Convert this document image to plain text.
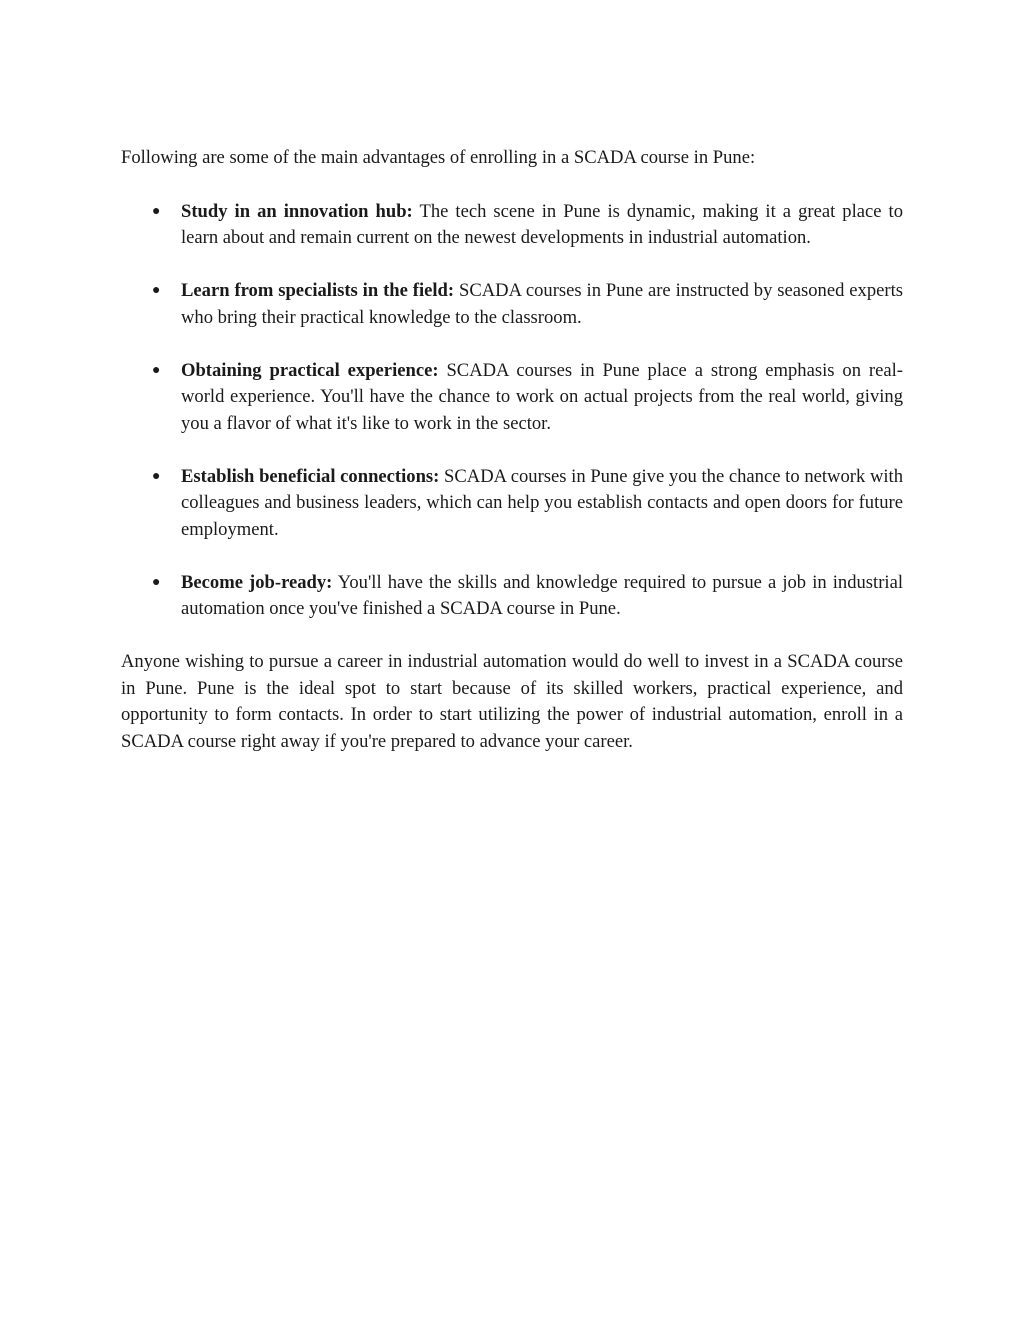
Following are some of the main advantages of enrolling in a SCADA course in Pune:

● Study in an innovation hub: The tech scene in Pune is dynamic, making it a great place to learn about and remain current on the newest developments in industrial automation.
● Learn from specialists in the field: SCADA courses in Pune are instructed by seasoned experts who bring their practical knowledge to the classroom.
● Obtaining practical experience: SCADA courses in Pune place a strong emphasis on real-world experience. You'll have the chance to work on actual projects from the real world, giving you a flavor of what it's like to work in the sector.
● Establish beneficial connections: SCADA courses in Pune give you the chance to network with colleagues and business leaders, which can help you establish contacts and open doors for future employment.
● Become job-ready: You'll have the skills and knowledge required to pursue a job in industrial automation once you've finished a SCADA course in Pune.

Anyone wishing to pursue a career in industrial automation would do well to invest in a SCADA course in Pune. Pune is the ideal spot to start because of its skilled workers, practical experience, and opportunity to form contacts. In order to start utilizing the power of industrial automation, enroll in a SCADA course right away if you're prepared to advance your career.
